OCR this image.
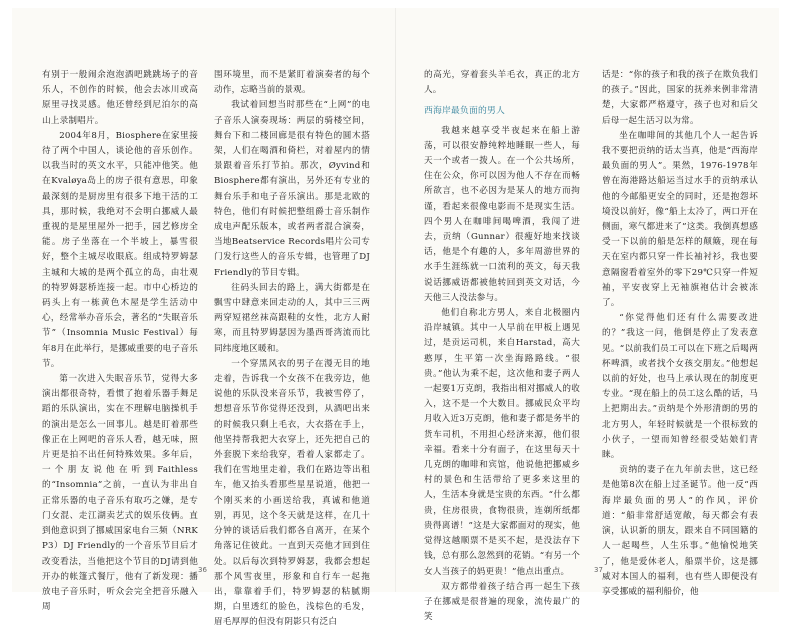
有别于一般闹余泡泡酒吧跳跳场子的音乐人，不创作的时候，他会去冰川或高原里寻找灵感。他还曾经到尼泊尔的高山上录制唱片。

2004年8月，Biosphere在家里接待了两个中国人，谈论他的音乐创作。以我当时的英文水平，只能冲他笑。他在Kvaløya岛上的房子很有意思，印象最深刻的是厨房里有很多下地干活的工具，那时候，我绝对不会明白挪威人最重视的是屋里屋外一把手，园艺修房全能。房子坐落在一个半坡上，暴雪很好，整个主城尽收眼底。组成特罗姆瑟主城和大城的是两个孤立的岛，由壮观的特罗姆瑟桥连接一起。市中心桥边的码头上有一栋黄色木屋是学生活动中心，经常举办音乐会，著名的“失眠音乐节”（Insomnia Music Festival）每年8月在此举行，是挪威重要的电子音乐节。

第一次进入失眠音乐节，觉得大多演出都很奇特，看惯了抱着乐器手舞足蹈的乐队演出，实在不理解电脑操机手的演出是怎么一回事儿。越是盯着那些像正在上网吧的音乐人看，越无味，照片更是拍不出任何特殊效果。多年后，一个朋友说他在听到Faithless的“Insomnia”之前，一直认为非出自正常乐器的电子音乐有取巧之嫌，是专门女混、走江湖卖艺式的娱乐伎俩。直到他意识到了挪威国家电台三频（NRK P3）DJ Friendly的一个音乐节目后才改变看法，当他把这个节目的DJ请到他开办的帐篷式餐厅，他有了新发现：播放电子音乐时，听众会完全把音乐融入周

围环境里，而不是紧盯着演奏者的每个动作，忘略当前的景观。

我试着回想当时那些在“上网”的电子音乐人演奏现场：两层的骑楼空间，舞台下和二楼回廊是很有特色的圆木搭架，人们在喝酒和倚栏，对着屋内的情景跟着音乐打节拍。那次，Øyvind和Biosphere都有演出，另外还有专业的舞台乐手和电子音乐演出。那是北欧的特色，他们有时候把整组爵士音乐制作成电声配乐版本，或者两者混合演奏，当地Beatservice Records唱片公司专门发行这些人的音乐专辑，也管理了DJ Friendly的节目专辑。

往码头回去的路上，满大街都是在飘雪中肆意来回走动的人，其中三三两两穿短裙丝袜高跟鞋的女性，北方人耐寒，而且特罗姆瑟因为墨西哥湾流而比同纬度地区暖和。

一个穿黑风衣的男子在漫无目的地走着，告诉我一个女孩不在我旁边，他说他的乐队没来音乐节，我被雪停了，想想音乐节你觉得还没到，从酒吧出来的时候我只剩上毛衣，大衣搭在手上，他坚持帮我把大衣穿上，还先把自己的外套脱下来给我穿，看着人家都走了。我们在雪地里走着，我们在路边等出租车，他又抬头看那些星星说道，他把一个刚买来的小画送给我，真诚和他道别，再见，这个冬天就是这样，在几十分钟的谈话后我们都各自离开，在某个角落记住彼此。一直到天亮他才回到住处。以后每次到特罗姆瑟，我都会想起那个风雪夜里，形象和自行车一起拖出，靠靠着手们，特罗姆瑟的粘腻期期，白里透红的脸色，浅棕色的毛发，眉毛厚厚的但没有阴影只有泛白

的高光，穿着套头羊毛衣，真正的北方人。

西海岸最负面的男人

我越来越享受半夜起来在船上游荡，可以很安静纯粹地睡眠一些人，每天一个或者一拨人。在一个公共场所，住在公众，你可以因为他人不存在而畅所欲言，也不必因为是某人的地方而拘谨，看起来很像电影而不是现实生活。四个男人在咖啡间喝啤酒，我闯了进去，贡纳（Gunnar）很瘦好地来找谈话，他是个有趣的人，多年周游世界的水手生涯练就一口流利的英文，每天我说话挪威语都被他转回到英文对话，今天他三人没法参与。

他们自称北方男人，来自北极圈内沿岸城镇。其中一人早前在甲板上遇见过，是贡运司机，来自Harstad，高大憨厚，生平第一次坐海路路线。“很贵。”他认为乘不起，这次他和妻子两人一起要1万克朗，我指出相对挪威人的收入，这不是一个大数目。挪威民众平均月收入近3万克朗，他和妻子都是务半的货车司机，不用担心经济来源，他们很幸福。看来十分有面子，在这里每天十几克朗的咖啡和宾馆，他说他把挪威乡村的景色和生活带给了更多来这里的人，生活本身就是宝贵的东西。“什么都贵，住房很贵，食物很贵，连剃所纸都贵得离谱！”这是大家都面对的现实，他觉得这越顺票不是买不起，是没法存下钱，总有那么忽然到的花销。“有另一个女人当孩子的妈更贵！”他点出重点。

双方都带着孩子结合再一起生下孩子在挪威是很普遍的现象，流传最广的笑

话是：“你的孩子和我的孩子在欺负我们的孩子。”因此，国家的抚养来例非常清楚，大家都严格遵守，孩子也对和后父后母一起生活习以为常。

坐在咖啡间的其他几个人一起告诉我不要把贡纳的话太当真，他是“西海岸最负面的男人”。果然，1976-1978年曾在海港路达船运当过水手的贡纳承认他的今邮船更安全的同时，还是抱怨坏境没以前好，像“船上太冷了，两口开在侧面，寒气都进来了”这类。我倒真想感受一下以前的船是怎样的颠簸，现在每天在室内都只穿一件长袖衬衫，我也要意隔窗看着室外的零下29℃只穿一件短袖，平安夜穿上无袖旗袍估计会被冻了。

“你觉得他们还有什么需要改进的？”我这一问，他倒是停止了发表意见。“以前我们员工可以在下班之后喝两杯啤酒，或者找个女孩交朋友。”他想起以前的好处，也马上承认现在的制度更专业。“现在船上的员工这么酷的话，马上把期出去。”贡纳是个外形清朗的男的北方男人，年轻时候就是一个很标致的小伙子，一望而知曾经很受姑娘们青睐。

贡纳的妻子在九年前去世，这已经是他第8次在船上过圣诞节。他一反“西海岸最负面的男人”的作风，评价道：“船非常舒适宽敞，每天都会有表演，认识新的朋友，跟来自不同国籍的人一起喝些，人生乐事。”他愉悦地笑了，他是爱休老人，船票半价，这是挪威对本国人的福利，也有些人即便没有享受挪威的福利船价，他

36	37
